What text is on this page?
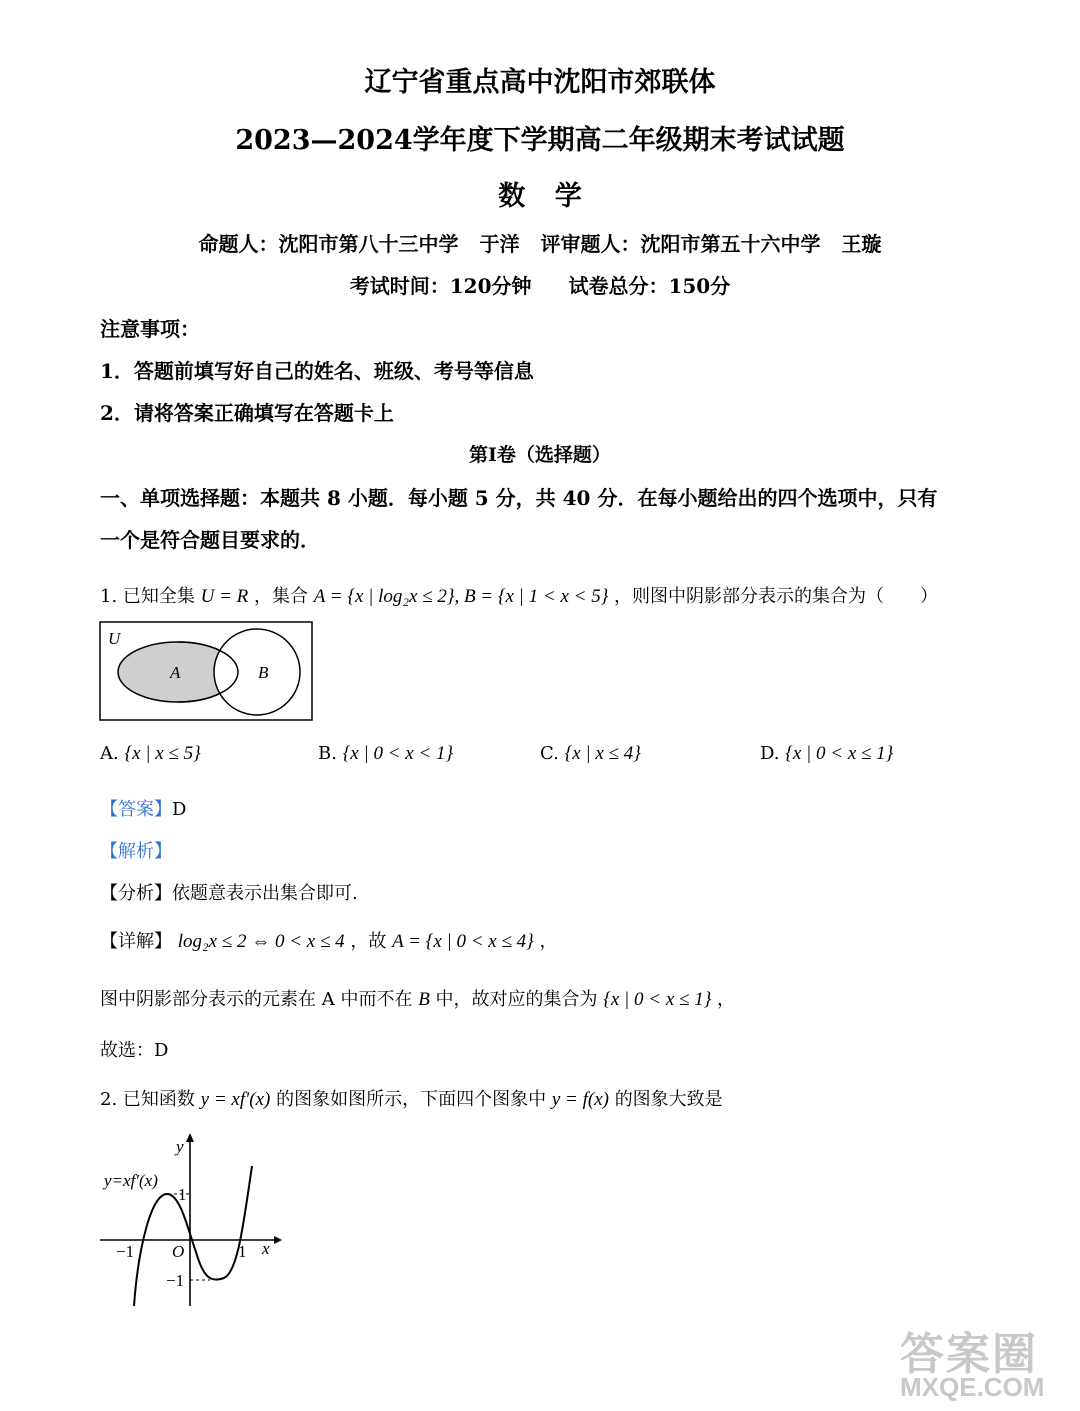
辽宁省重点高中沈阳市郊联体
2023—2024学年度下学期高二年级期末考试试题
数 学
命题人：沈阳市第八十三中学 于洋 评审题人：沈阳市第五十六中学 王璇
考试时间：120分钟 试卷总分：150分
注意事项：
1．答题前填写好自己的姓名、班级、考号等信息
2．请将答案正确填写在答题卡上
第Ⅰ卷（选择题）
一、单项选择题：本题共 8 小题．每小题 5 分，共 40 分．在每小题给出的四个选项中，只有
一个是符合题目要求的．
1. 已知全集 U = R ，集合 A = {x | log₂x ≤ 2}, B = {x | 1 < x < 5} ，则图中阴影部分表示的集合为（　　）
U
A	B
A. {x | x ≤ 5}	B. {x | 0 < x < 1}	C. {x | x ≤ 4}	D. {x | 0 < x ≤ 1}
【答案】D
【解析】
【分析】依题意表示出集合即可.
【详解】 log₂x ≤ 2 ⇔ 0 < x ≤ 4 ，故 A = {x | 0 < x ≤ 4} ，
图中阴影部分表示的元素在 A 中而不在 B 中，故对应的集合为 {x | 0 < x ≤ 1} ，
故选：D
2. 已知函数 y = xf′(x) 的图象如图所示，下面四个图象中 y = f(x) 的图象大致是
y=xf′(x)
y
x
O
−1	1
1
−1
答案圈
MXQE.COM
